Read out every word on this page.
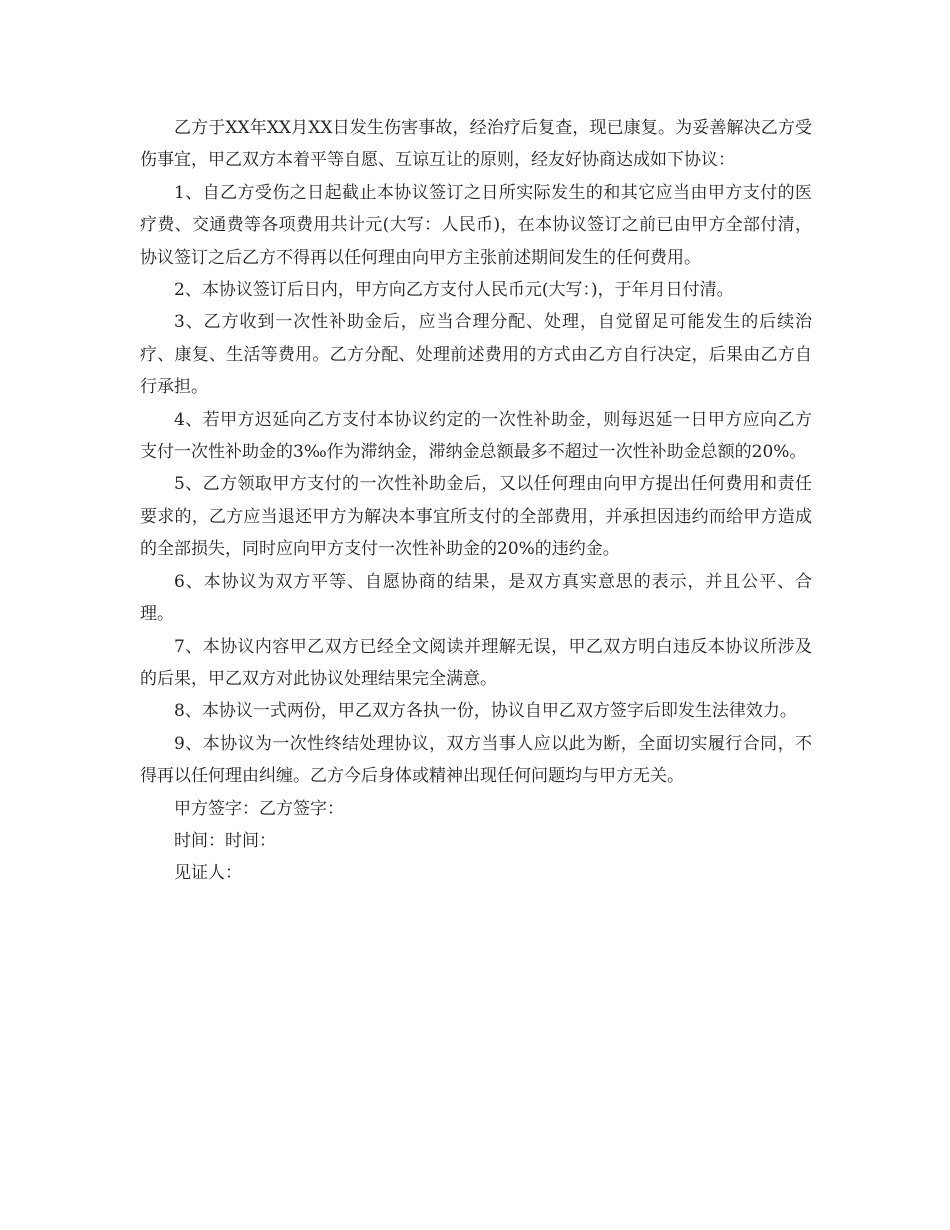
乙方于XX年XX月XX日发生伤害事故，经治疗后复查，现已康复。为妥善解决乙方受伤事宜，甲乙双方本着平等自愿、互谅互让的原则，经友好协商达成如下协议：

1、自乙方受伤之日起截止本协议签订之日所实际发生的和其它应当由甲方支付的医疗费、交通费等各项费用共计元(大写：人民币)，在本协议签订之前已由甲方全部付清，协议签订之后乙方不得再以任何理由向甲方主张前述期间发生的任何费用。

2、本协议签订后日内，甲方向乙方支付人民币元(大写：)，于年月日付清。

3、乙方收到一次性补助金后，应当合理分配、处理，自觉留足可能发生的后续治疗、康复、生活等费用。乙方分配、处理前述费用的方式由乙方自行决定，后果由乙方自行承担。

4、若甲方迟延向乙方支付本协议约定的一次性补助金，则每迟延一日甲方应向乙方支付一次性补助金的3‰作为滞纳金，滞纳金总额最多不超过一次性补助金总额的20%。

5、乙方领取甲方支付的一次性补助金后，又以任何理由向甲方提出任何费用和责任要求的，乙方应当退还甲方为解决本事宜所支付的全部费用，并承担因违约而给甲方造成的全部损失，同时应向甲方支付一次性补助金的20%的违约金。

6、本协议为双方平等、自愿协商的结果，是双方真实意思的表示，并且公平、合理。

7、本协议内容甲乙双方已经全文阅读并理解无误，甲乙双方明白违反本协议所涉及的后果，甲乙双方对此协议处理结果完全满意。

8、本协议一式两份，甲乙双方各执一份，协议自甲乙双方签字后即发生法律效力。

9、本协议为一次性终结处理协议，双方当事人应以此为断，全面切实履行合同，不得再以任何理由纠缠。乙方今后身体或精神出现任何问题均与甲方无关。

甲方签字：乙方签字：

时间：时间：

见证人：
